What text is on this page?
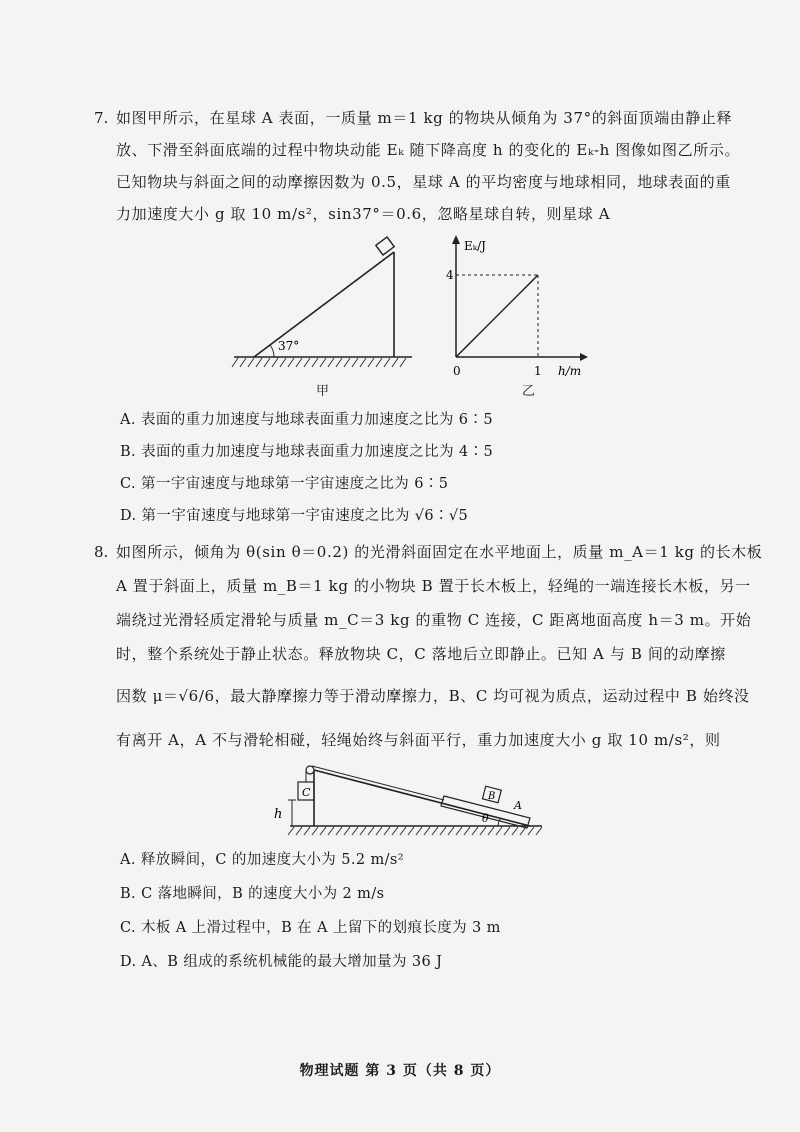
7. 如图甲所示，在星球 A 表面，一质量 m＝1 kg 的物块从倾角为 37°的斜面顶端由静止释
放、下滑至斜面底端的过程中物块动能 Eₖ 随下降高度 h 的变化的 Eₖ-h 图像如图乙所示。
已知物块与斜面之间的动摩擦因数为 0.5，星球 A 的平均密度与地球相同，地球表面的重
力加速度大小 g 取 10 m/s²，sin37°＝0.6，忽略星球自转，则星球 A
37°
甲
Eₖ/J
4
0	1 h/m
乙
A. 表面的重力加速度与地球表面重力加速度之比为 6∶5
B. 表面的重力加速度与地球表面重力加速度之比为 4∶5
C. 第一宇宙速度与地球第一宇宙速度之比为 6∶5
D. 第一宇宙速度与地球第一宇宙速度之比为 √6∶√5
8. 如图所示，倾角为 θ(sin θ＝0.2) 的光滑斜面固定在水平地面上，质量 m_A＝1 kg 的长木板
A 置于斜面上，质量 m_B＝1 kg 的小物块 B 置于长木板上，轻绳的一端连接长木板，另一
端绕过光滑轻质定滑轮与质量 m_C＝3 kg 的重物 C 连接，C 距离地面高度 h＝3 m。开始
时，整个系统处于静止状态。释放物块 C，C 落地后立即静止。已知 A 与 B 间的动摩擦
因数 μ＝√6/6，最大静摩擦力等于滑动摩擦力，B、C 均可视为质点，运动过程中 B 始终没
有离开 A，A 不与滑轮相碰，轻绳始终与斜面平行，重力加速度大小 g 取 10 m/s²，则
C	B
A
h	θ
A. 释放瞬间，C 的加速度大小为 5.2 m/s²
B. C 落地瞬间，B 的速度大小为 2 m/s
C. 木板 A 上滑过程中，B 在 A 上留下的划痕长度为 3 m
D. A、B 组成的系统机械能的最大增加量为 36 J
物理试题 第 3 页（共 8 页）
